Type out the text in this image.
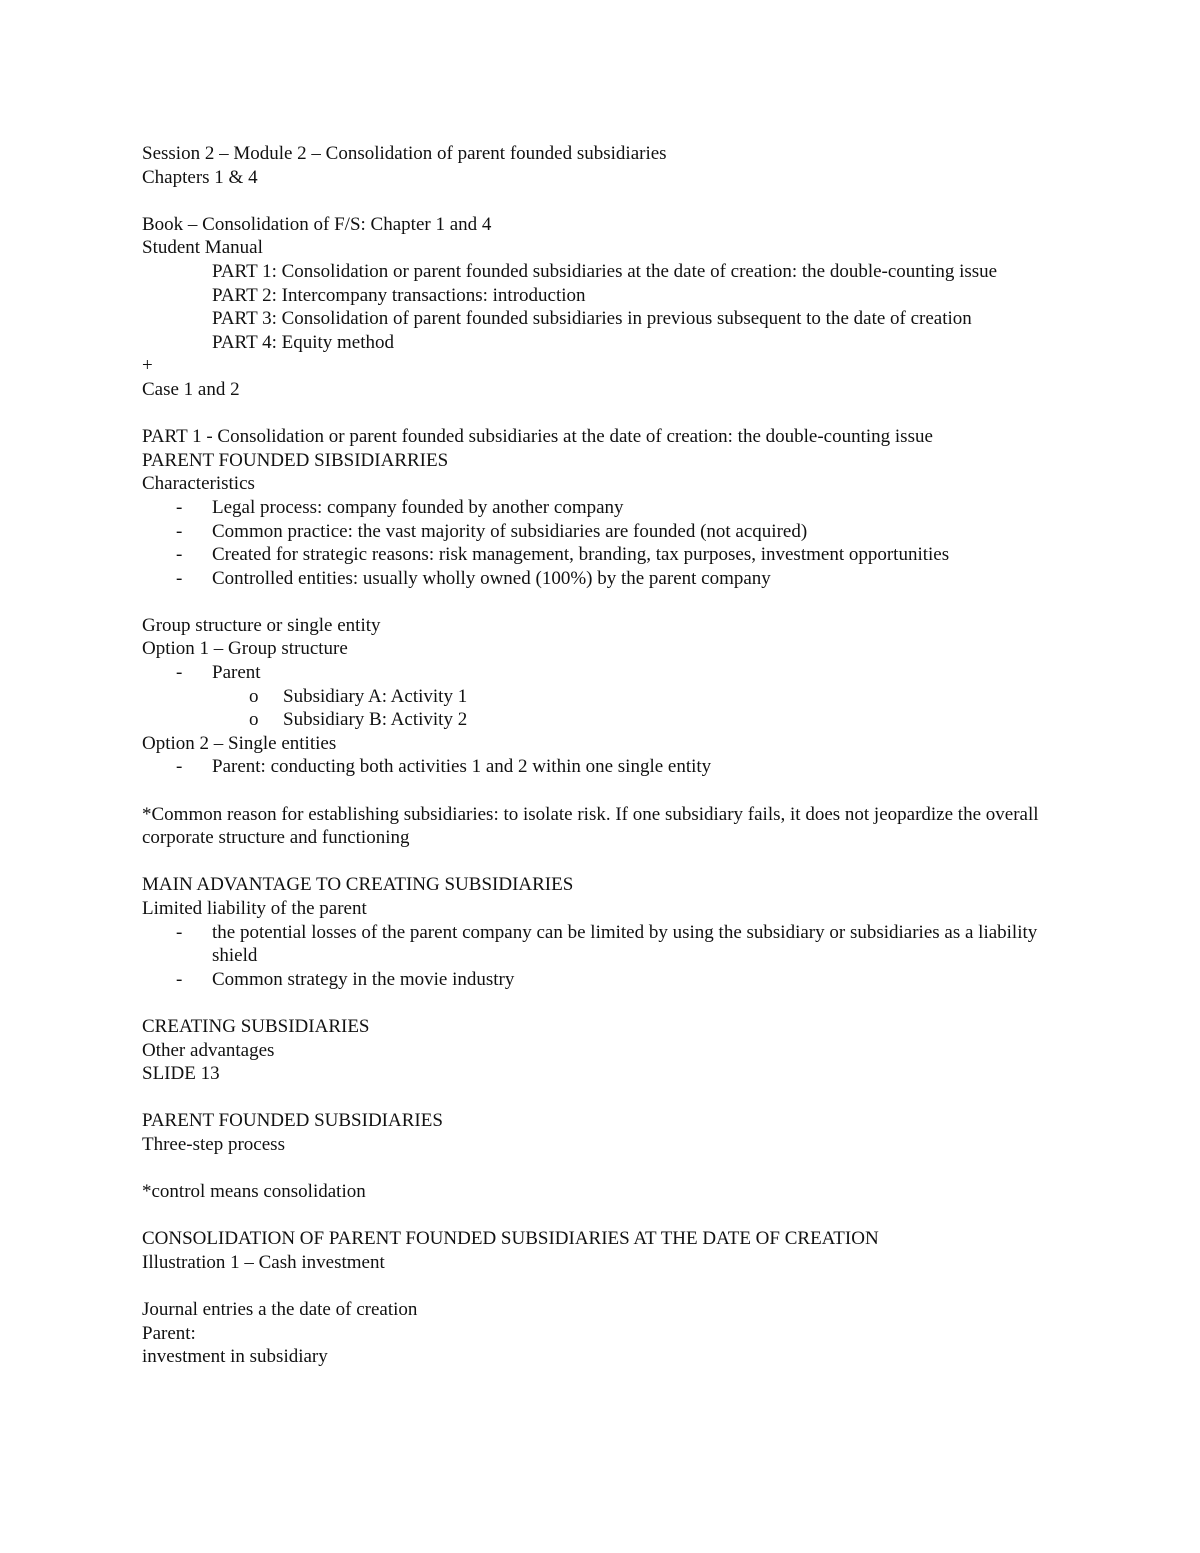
Session 2 – Module 2 – Consolidation of parent founded subsidiaries
Chapters 1 & 4
Book – Consolidation of F/S: Chapter 1 and 4
Student Manual
PART 1: Consolidation or parent founded subsidiaries at the date of creation: the double-counting issue
PART 2: Intercompany transactions: introduction
PART 3: Consolidation of parent founded subsidiaries in previous subsequent to the date of creation
PART 4: Equity method
+
Case 1 and 2
PART 1 - Consolidation or parent founded subsidiaries at the date of creation: the double-counting issue
PARENT FOUNDED SIBSIDIARRIES
Characteristics
- Legal process: company founded by another company
- Common practice: the vast majority of subsidiaries are founded (not acquired)
- Created for strategic reasons: risk management, branding, tax purposes, investment opportunities
- Controlled entities: usually wholly owned (100%) by the parent company
Group structure or single entity
Option 1 – Group structure
- Parent
o Subsidiary A: Activity 1
o Subsidiary B: Activity 2
Option 2 – Single entities
- Parent: conducting both activities 1 and 2 within one single entity
*Common reason for establishing subsidiaries: to isolate risk. If one subsidiary fails, it does not jeopardize the overall corporate structure and functioning
MAIN ADVANTAGE TO CREATING SUBSIDIARIES
Limited liability of the parent
- the potential losses of the parent company can be limited by using the subsidiary or subsidiaries as a liability shield
- Common strategy in the movie industry
CREATING SUBSIDIARIES
Other advantages
SLIDE 13
PARENT FOUNDED SUBSIDIARIES
Three-step process
*control means consolidation
CONSOLIDATION OF PARENT FOUNDED SUBSIDIARIES AT THE DATE OF CREATION
Illustration 1 – Cash investment
Journal entries a the date of creation
Parent:
investment in subsidiary
